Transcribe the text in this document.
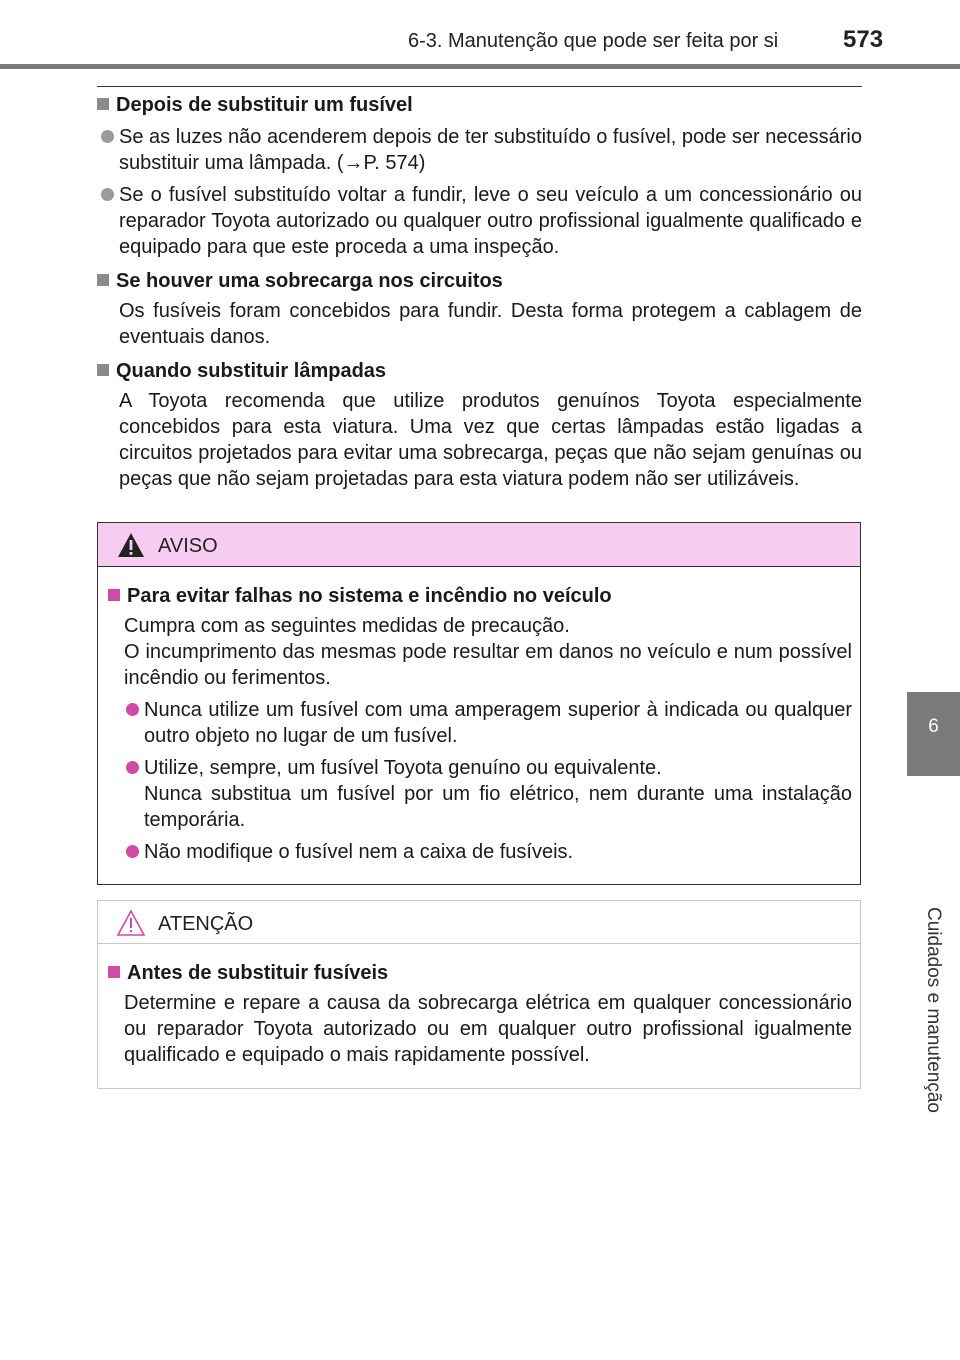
6-3. Manutenção que pode ser feita por si	573
6
Cuidados e manutenção

Depois de substituir um fusível

Se as luzes não acenderem depois de ter substituído o fusível, pode ser necessário substituir uma lâmpada. (→P. 574)

Se o fusível substituído voltar a fundir, leve o seu veículo a um concessionário ou reparador Toyota autorizado ou qualquer outro profissional igualmente qualificado e equipado para que este proceda a uma inspeção.

Se houver uma sobrecarga nos circuitos

Os fusíveis foram concebidos para fundir. Desta forma protegem a cablagem de eventuais danos.

Quando substituir lâmpadas

A Toyota recomenda que utilize produtos genuínos Toyota especialmente concebidos para esta viatura. Uma vez que certas lâmpadas estão ligadas a circuitos projetados para evitar uma sobrecarga, peças que não sejam genuínas ou peças que não sejam projetadas para esta viatura podem não ser utilizáveis.

AVISO

Para evitar falhas no sistema e incêndio no veículo

Cumpra com as seguintes medidas de precaução.

O incumprimento das mesmas pode resultar em danos no veículo e num possível incêndio ou ferimentos.

Nunca utilize um fusível com uma amperagem superior à indicada ou qualquer outro objeto no lugar de um fusível.

Utilize, sempre, um fusível Toyota genuíno ou equivalente.
Nunca substitua um fusível por um fio elétrico, nem durante uma instalação temporária.

Não modifique o fusível nem a caixa de fusíveis.

ATENÇÃO

Antes de substituir fusíveis

Determine e repare a causa da sobrecarga elétrica em qualquer concessionário ou reparador Toyota autorizado ou em qualquer outro profissional igualmente qualificado e equipado o mais rapidamente possível.
